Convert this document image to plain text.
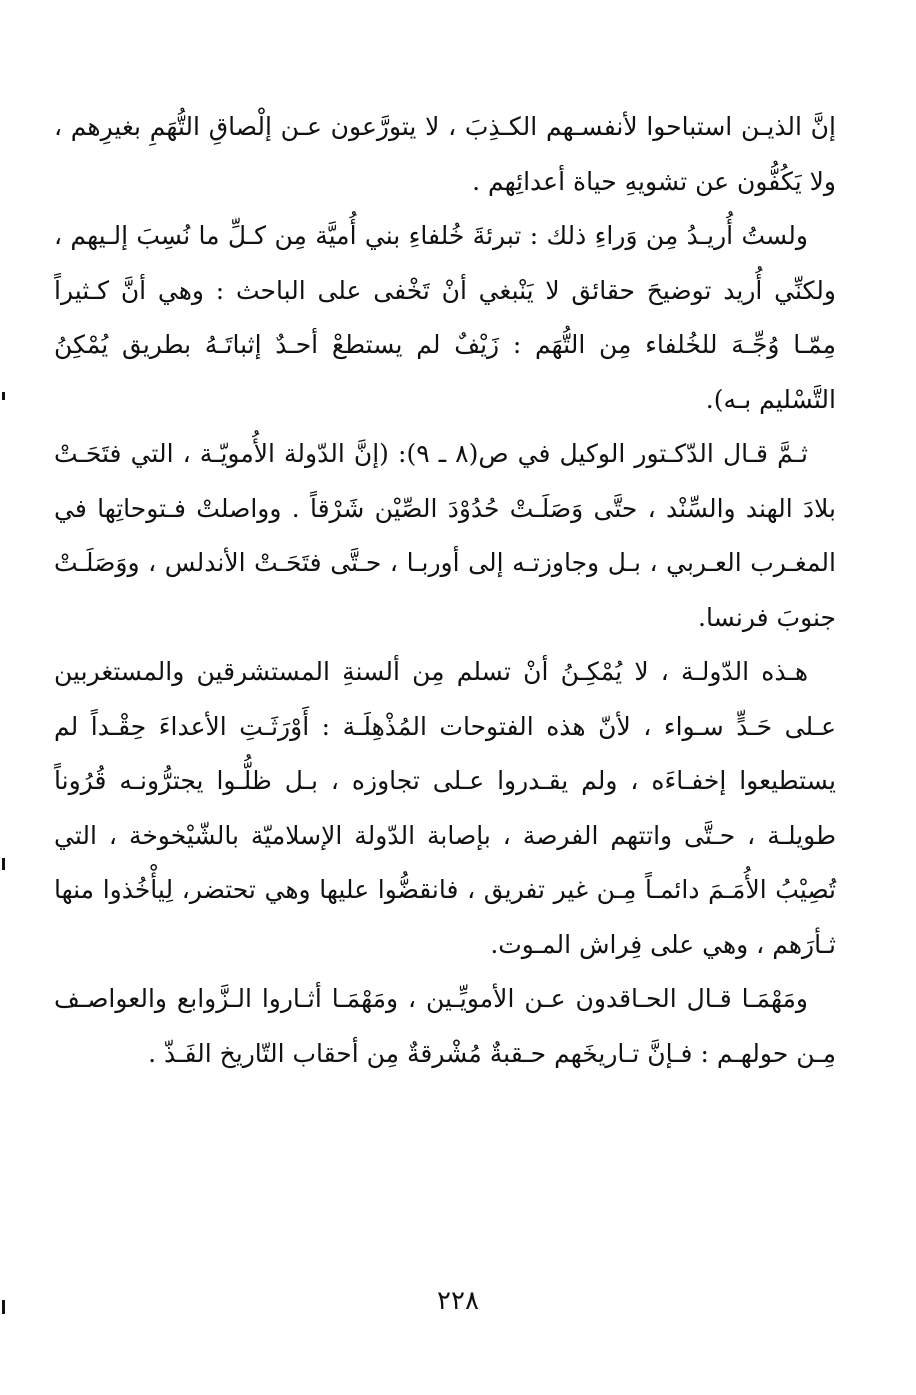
إنَّ الذيـن استباحوا لأنفسـهم الكـذِبَ ، لا يتورَّعون عـن إلْصاقِ التُّهَمِ بغيرِهم ، ولا يَكُفُّون عن تشويهِ حياة أعدائِهم .

ولستُ أُريـدُ مِن وَراءِ ذلك : تبرئةَ خُلفاءِ بني أُميَّة مِن كـلِّ ما نُسِبَ إلـيهم ، ولكنِّي أُريد توضيحَ حقائق لا يَنْبغي أنْ تَخْفى على الباحث : وهي أنَّ كـثيراً مِمّـا وُجِّـهَ للخُلفاء مِن التُّهَم : زَيْفٌ لم يستطعْ أحـدٌ إثباتَـهُ بطريق يُمْكِنُ التَّسْليم بـه).

ثـمَّ قـال الدّكـتور الوكيل في ص(٨ ـ ٩): (إنَّ الدّولة الأُمويّـة ، التي فتَحَـتْ بلادَ الهند والسِّنْد ، حتَّى وَصَلَـتْ حُدُوْدَ الصِّيْن شَرْقاً . وواصلتْ فـتوحاتِها في المغـرب العـربي ، بـل وجاوزتـه إلى أوربـا ، حـتَّى فتَحَـتْ الأندلس ، ووَصَلَـتْ جنوبَ فرنسا.

هـذه الدّولـة ، لا يُمْكِـنُ أنْ تسلم مِن ألسنةِ المستشرقين والمستغربين عـلى حَـدٍّ سـواء ، لأنّ هذه الفتوحات المُذْهِلَـة : أَوْرَثَـتِ الأعداءَ حِقْـداً لم يستطيعوا إخفـاءَه ، ولم يقـدروا عـلى تجاوزه ، بـل ظلُّـوا يجترُّونـه قُرُوناً طويلـة ، حـتَّى واتتهم الفرصة ، بإصابة الدّولة الإسلاميّة بالشّيْخوخة ، التي تُصِيْبُ الأُمَـمَ دائمـاً مِـن غير تفريق ، فانقضُّوا عليها وهي تحتضر، لِيأْخُذوا منها ثـأرَهم ، وهي على فِراش المـوت.

ومَهْمَـا قـال الحـاقدون عـن الأمويِّـين ، ومَهْمَـا أثـاروا الـزَّوابع والعواصـف مِـن حولهـم : فـإنَّ تـاريخَهم حـقبةٌ مُشْرقةٌ مِن أحقاب التّاريخ الفَـذّ .

٢٢٨
